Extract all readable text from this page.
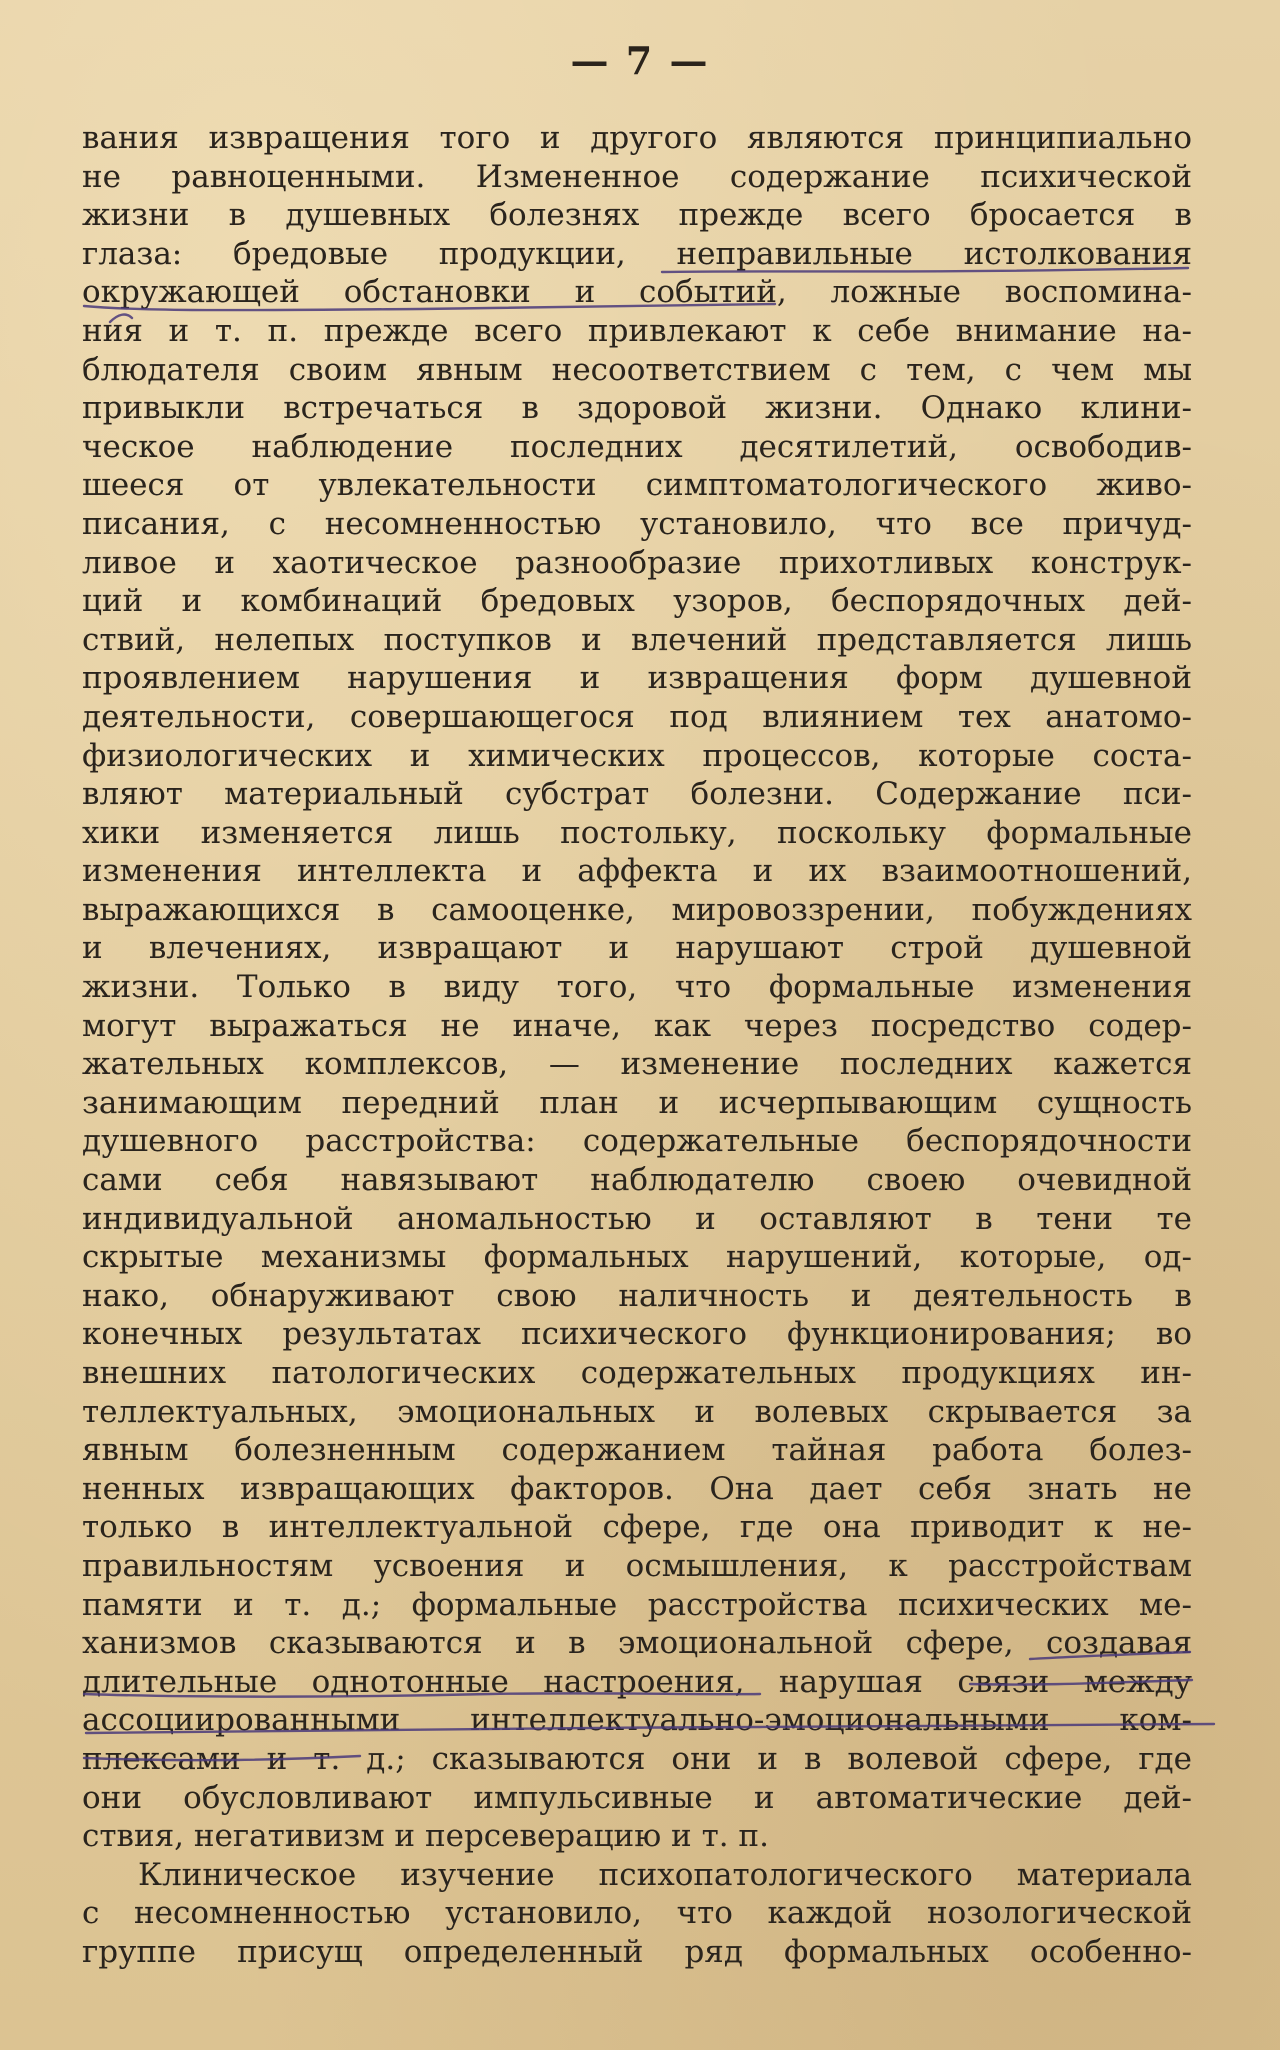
— 7 —
вания извращения того и другого являются принципиально
не равноценными. Измененное содержание психической
жизни в душевных болезнях прежде всего бросается в
глаза: бредовые продукции, неправильные истолкования
окружающей обстановки и событий, ложные воспомина-
ния и т. п. прежде всего привлекают к себе внимание на-
блюдателя своим явным несоответствием с тем, с чем мы
привыкли встречаться в здоровой жизни. Однако клини-
ческое наблюдение последних десятилетий, освободив-
шееся от увлекательности симптоматологического живо-
писания, с несомненностью установило, что все причуд-
ливое и хаотическое разнообразие прихотливых конструк-
ций и комбинаций бредовых узоров, беспорядочных дей-
ствий, нелепых поступков и влечений представляется лишь
проявлением нарушения и извращения форм душевной
деятельности, совершающегося под влиянием тех анатомо-
физиологических и химических процессов, которые соста-
вляют материальный субстрат болезни. Содержание пси-
хики изменяется лишь постольку, поскольку формальные
изменения интеллекта и аффекта и их взаимоотношений,
выражающихся в самооценке, мировоззрении, побуждениях
и влечениях, извращают и нарушают строй душевной
жизни. Только в виду того, что формальные изменения
могут выражаться не иначе, как через посредство содер-
жательных комплексов, — изменение последних кажется
занимающим передний план и исчерпывающим сущность
душевного расстройства: содержательные беспорядочности
сами себя навязывают наблюдателю своею очевидной
индивидуальной аномальностью и оставляют в тени те
скрытые механизмы формальных нарушений, которые, од-
нако, обнаруживают свою наличность и деятельность в
конечных результатах психического функционирования; во
внешних патологических содержательных продукциях ин-
теллектуальных, эмоциональных и волевых скрывается за
явным болезненным содержанием тайная работа болез-
ненных извращающих факторов. Она дает себя знать не
только в интеллектуальной сфере, где она приводит к не-
правильностям усвоения и осмышления, к расстройствам
памяти и т. д.; формальные расстройства психических ме-
ханизмов сказываются и в эмоциональной сфере, создавая
длительные однотонные настроения, нарушая связи между
ассоциированными интеллектуально-эмоциональными ком-
плексами и т. д.; сказываются они и в волевой сфере, где
они обусловливают импульсивные и автоматические дей-
ствия, негативизм и персеверацию и т. п.
Клиническое изучение психопатологического материала
с несомненностью установило, что каждой нозологической
группе присущ определенный ряд формальных особенно-
